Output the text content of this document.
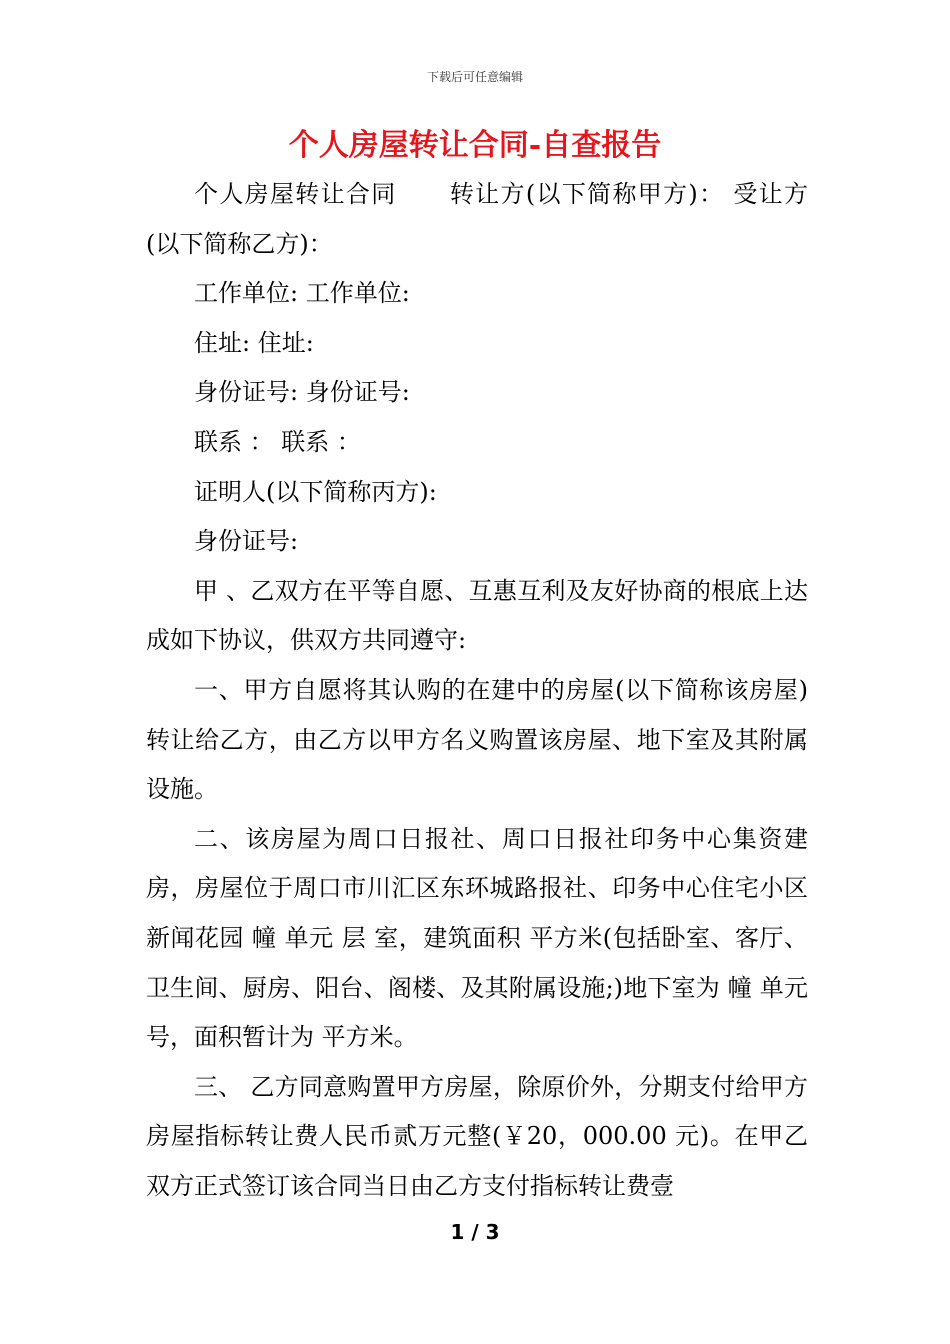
下载后可任意编辑
个人房屋转让合同-自查报告

个人房屋转让合同 转让方(以下简称甲方)： 受让方(以下简称乙方)：

工作单位: 工作单位:

住址: 住址:

身份证号: 身份证号:

联系 ： 联系 ：

证明人(以下简称丙方):

身份证号:

甲 、乙双方在平等自愿、互惠互利及友好协商的根底上达成如下协议，供双方共同遵守:

一、甲方自愿将其认购的在建中的房屋(以下简称该房屋)转让给乙方，由乙方以甲方名义购置该房屋、地下室及其附属设施。

二、该房屋为周口日报社、周口日报社印务中心集资建房，房屋位于周口市川汇区东环城路报社、印务中心住宅小区新闻花园 幢 单元 层 室，建筑面积 平方米(包括卧室、客厅、卫生间、厨房、阳台、阁楼、及其附属设施;)地下室为 幢 单元 号，面积暂计为 平方米。

三、 乙方同意购置甲方房屋，除原价外，分期支付给甲方房屋指标转让费人民币贰万元整(￥20，000.00 元)。在甲乙双方正式签订该合同当日由乙方支付指标转让费壹

1 / 3
